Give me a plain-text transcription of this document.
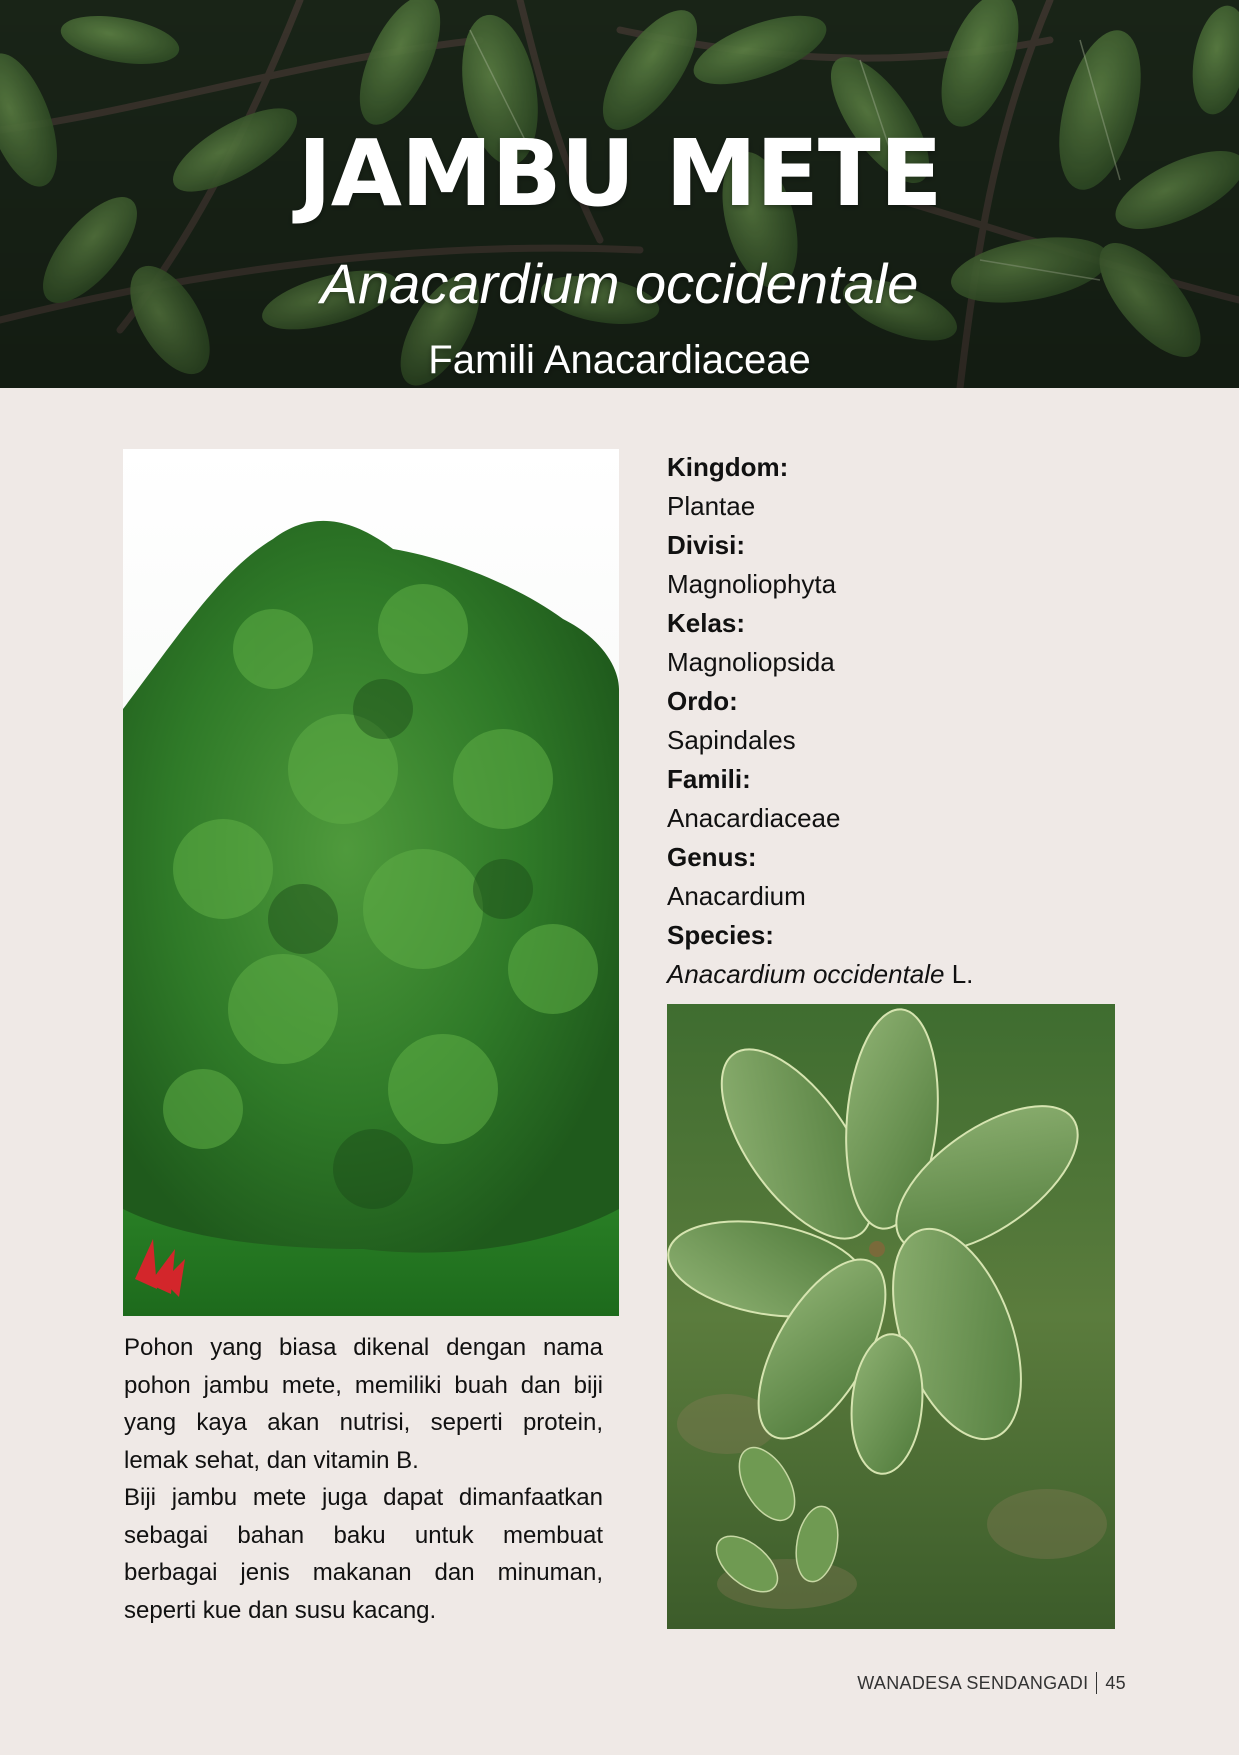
JAMBU METE
Anacardium occidentale
Famili Anacardiaceae
Kingdom:
Plantae
Divisi:
Magnoliophyta
Kelas:
Magnoliopsida
Ordo:
Sapindales
Famili:
Anacardiaceae
Genus:
Anacardium
Species:
Anacardium occidentale L.

Pohon yang biasa dikenal dengan nama pohon jambu mete, memiliki buah dan biji yang kaya akan nutrisi, seperti protein, lemak sehat, dan vitamin B.

Biji jambu mete juga dapat dimanfaatkan sebagai bahan baku untuk membuat berbagai jenis makanan dan minuman, seperti kue dan susu kacang.

WANADESA SENDANGADI 45
